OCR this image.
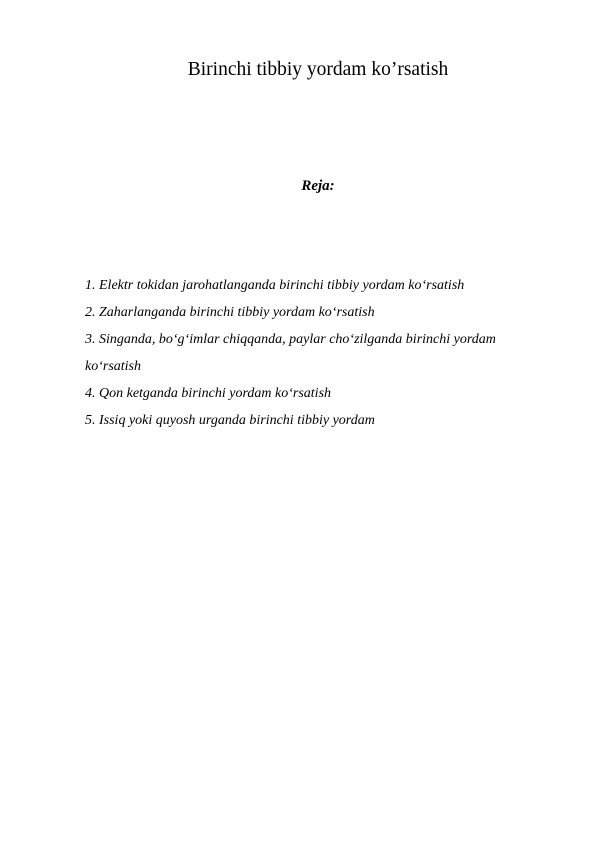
Birinchi tibbiy yordam ko’rsatish
Reja:
1. Elektr tokidan jarohatlanganda birinchi tibbiy yordam ko‘rsatish
2. Zaharlanganda birinchi tibbiy yordam ko‘rsatish
3. Singanda, bo‘g‘imlar chiqqanda, paylar cho‘zilganda birinchi yordam ko‘rsatish
4. Qon ketganda birinchi yordam ko‘rsatish
5. Issiq yoki quyosh urganda birinchi tibbiy yordam
